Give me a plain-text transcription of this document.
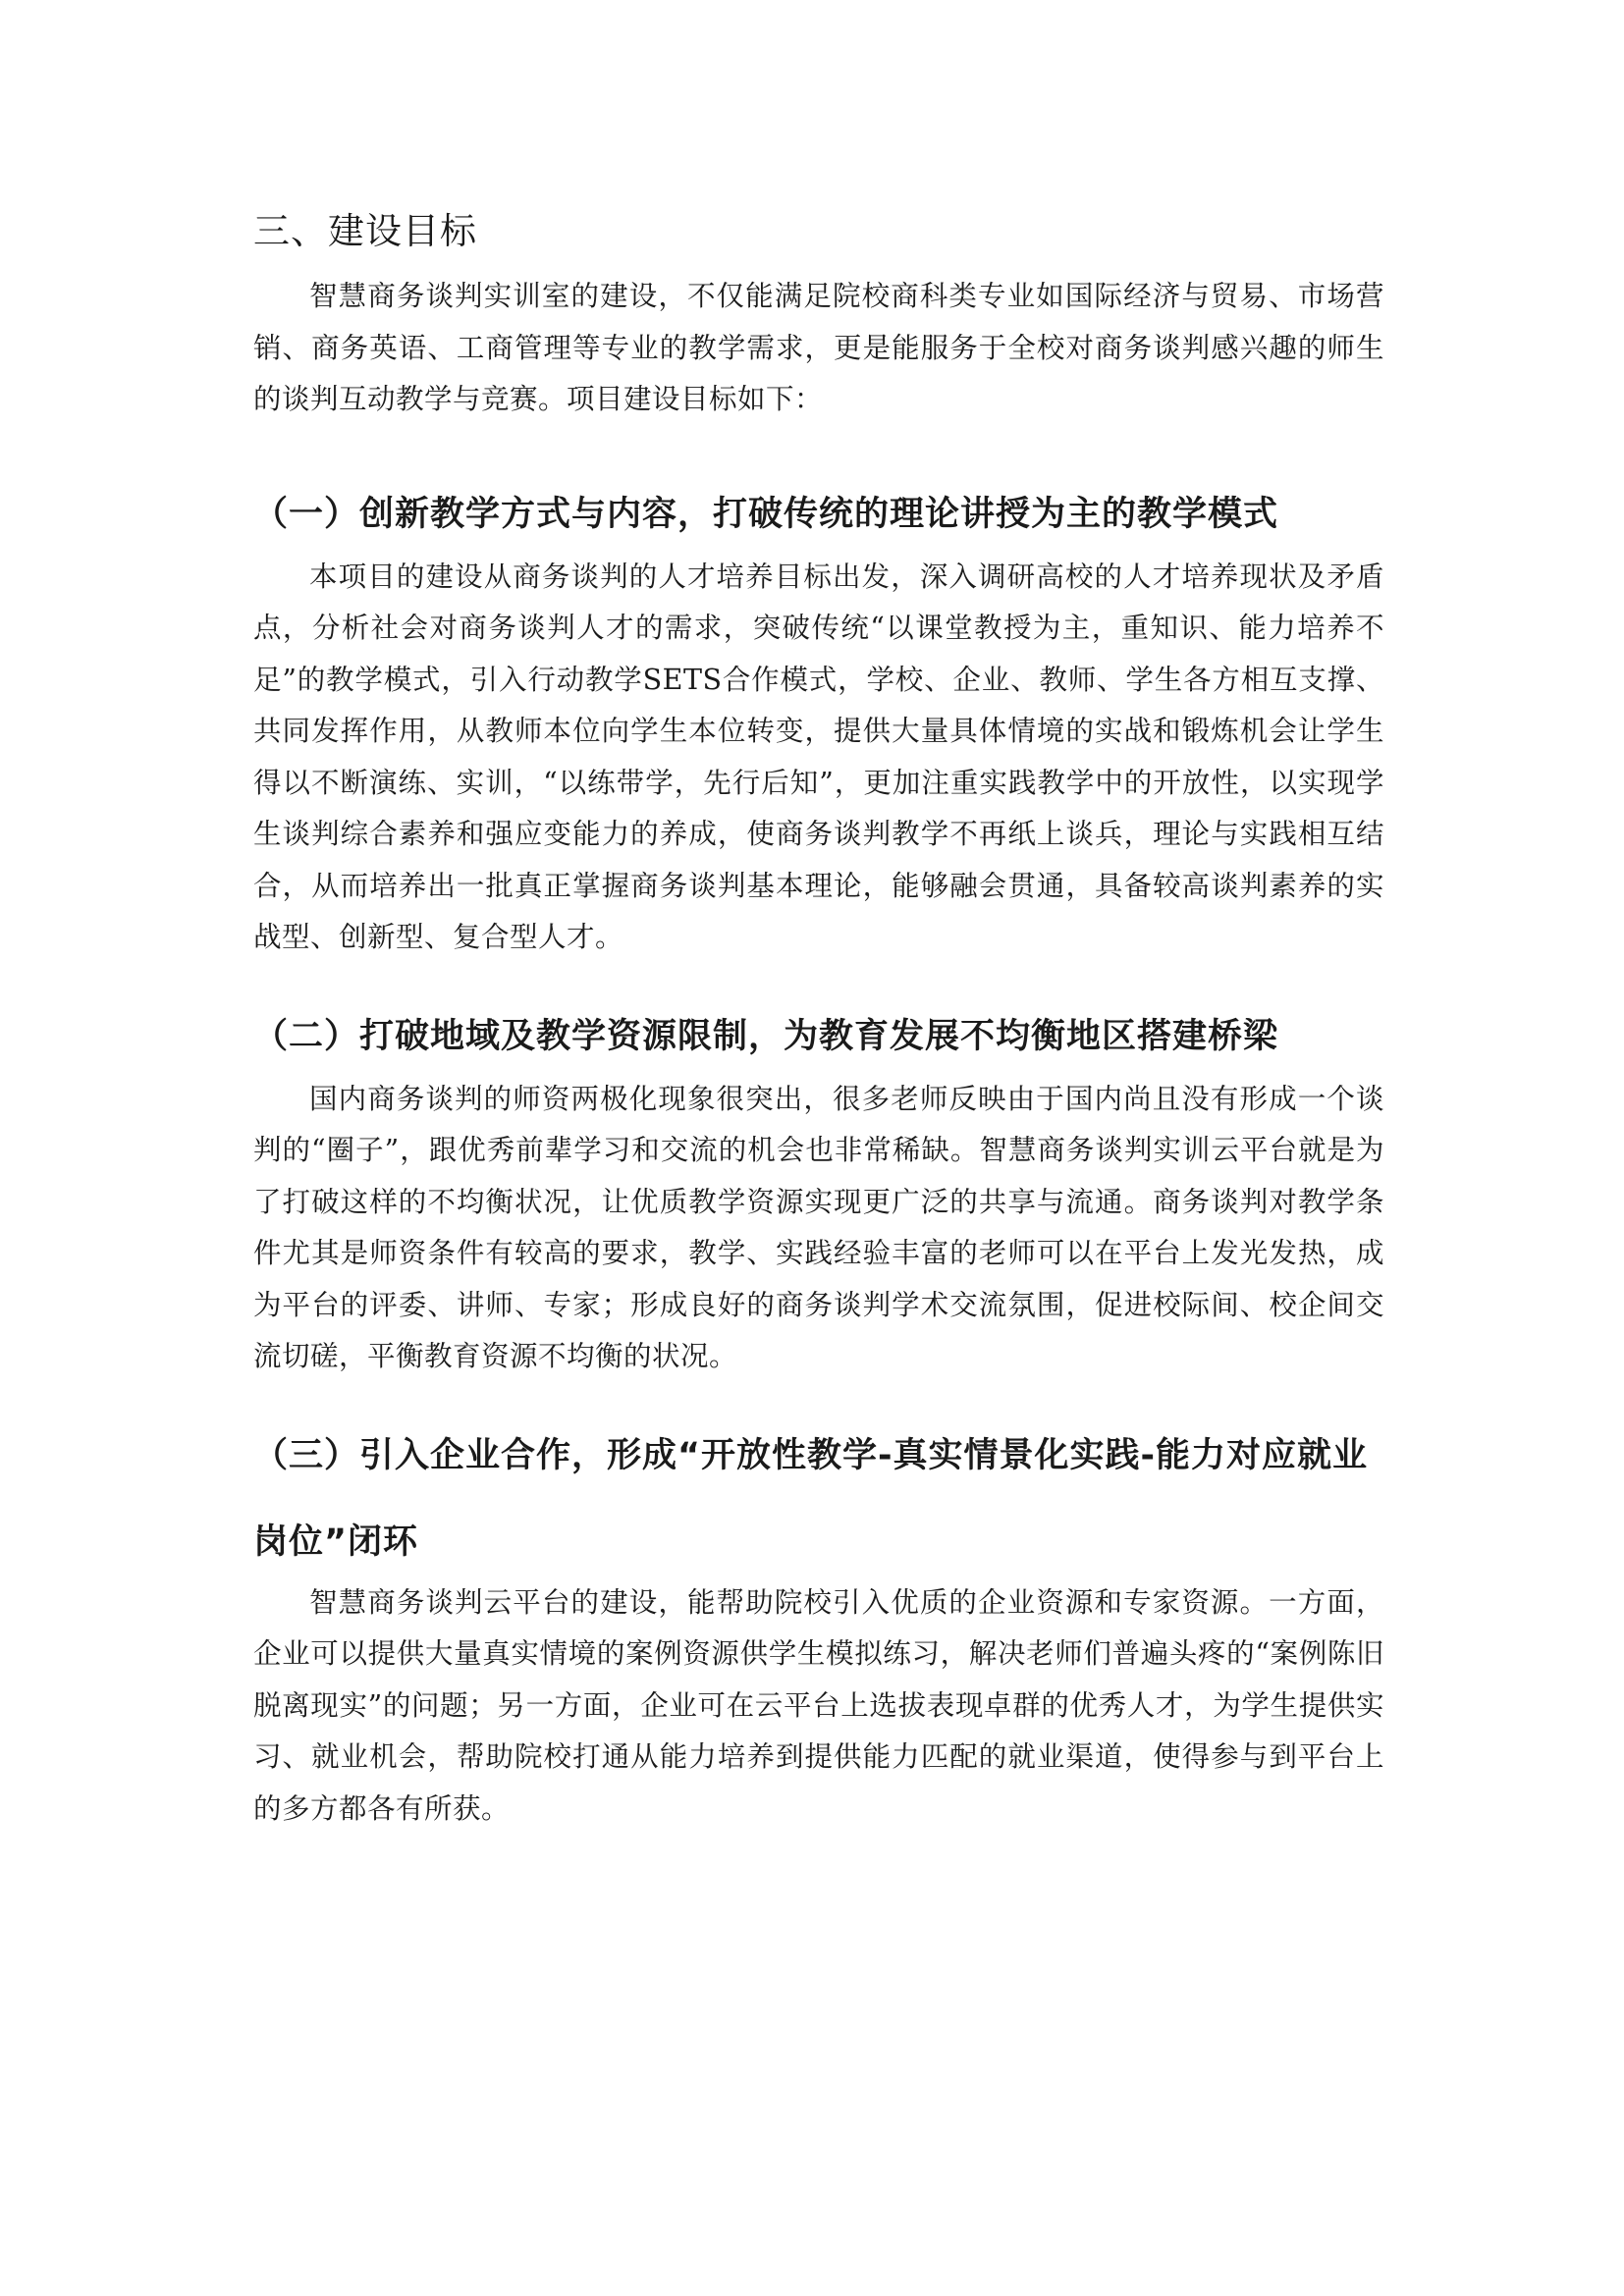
三、建设目标

智慧商务谈判实训室的建设，不仅能满足院校商科类专业如国际经济与贸易、市场营销、商务英语、工商管理等专业的教学需求，更是能服务于全校对商务谈判感兴趣的师生的谈判互动教学与竞赛。项目建设目标如下：

（一）创新教学方式与内容，打破传统的理论讲授为主的教学模式

本项目的建设从商务谈判的人才培养目标出发，深入调研高校的人才培养现状及矛盾点，分析社会对商务谈判人才的需求，突破传统“以课堂教授为主，重知识、能力培养不足”的教学模式，引入行动教学SETS合作模式，学校、企业、教师、学生各方相互支撑、共同发挥作用，从教师本位向学生本位转变，提供大量具体情境的实战和锻炼机会让学生得以不断演练、实训，“以练带学，先行后知”，更加注重实践教学中的开放性，以实现学生谈判综合素养和强应变能力的养成，使商务谈判教学不再纸上谈兵，理论与实践相互结合，从而培养出一批真正掌握商务谈判基本理论，能够融会贯通，具备较高谈判素养的实战型、创新型、复合型人才。

（二）打破地域及教学资源限制，为教育发展不均衡地区搭建桥梁

国内商务谈判的师资两极化现象很突出，很多老师反映由于国内尚且没有形成一个谈判的“圈子”，跟优秀前辈学习和交流的机会也非常稀缺。智慧商务谈判实训云平台就是为了打破这样的不均衡状况，让优质教学资源实现更广泛的共享与流通。商务谈判对教学条件尤其是师资条件有较高的要求，教学、实践经验丰富的老师可以在平台上发光发热，成为平台的评委、讲师、专家；形成良好的商务谈判学术交流氛围，促进校际间、校企间交流切磋，平衡教育资源不均衡的状况。

（三）引入企业合作，形成“开放性教学-真实情景化实践-能力对应就业
岗位”闭环

智慧商务谈判云平台的建设，能帮助院校引入优质的企业资源和专家资源。一方面，企业可以提供大量真实情境的案例资源供学生模拟练习，解决老师们普遍头疼的“案例陈旧脱离现实”的问题；另一方面，企业可在云平台上选拔表现卓群的优秀人才，为学生提供实习、就业机会，帮助院校打通从能力培养到提供能力匹配的就业渠道，使得参与到平台上的多方都各有所获。
